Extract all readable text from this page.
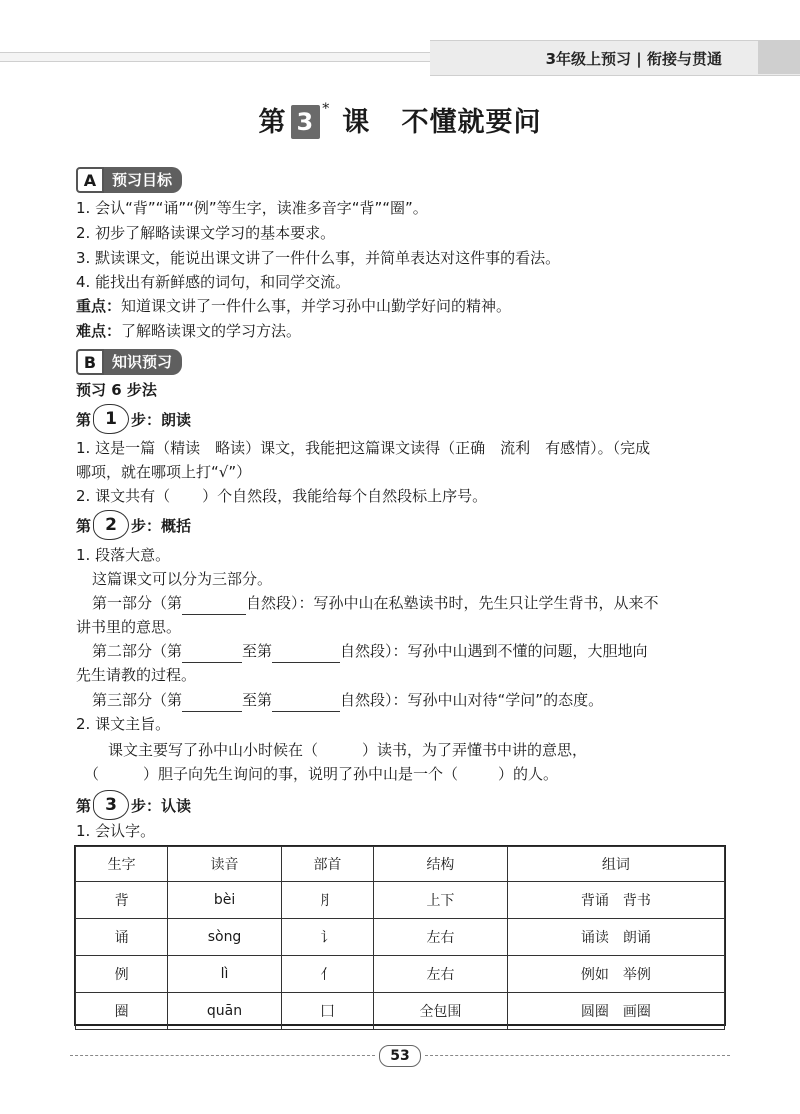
3年级上预习 | 衔接与贯通
第 3 * 课 不懂就要问
A	预习目标
1. 会认“背”“诵”“例”等生字，读准多音字“背”“圈”。
2. 初步了解略读课文学习的基本要求。
3. 默读课文，能说出课文讲了一件什么事，并简单表达对这件事的看法。
4. 能找出有新鲜感的词句，和同学交流。
重点：知道课文讲了一件什么事，并学习孙中山勤学好问的精神。
难点：了解略读课文的学习方法。
B	知识预习
预习 6 步法
第 1 步：朗读
1. 这是一篇（精读　略读）课文，我能把这篇课文读得（正确　流利　有感情）。（完成
哪项，就在哪项上打“√”）
2. 课文共有（ ）个自然段，我能给每个自然段标上序号。
第 2 步：概括
1. 段落大意。
这篇课文可以分为三部分。
第一部分（第	自然段）：写孙中山在私塾读书时，先生只让学生背书，从来不
讲书里的意思。
第二部分（第	至第	自然段）：写孙中山遇到不懂的问题，大胆地向
先生请教的过程。
第三部分（第	至第	自然段）：写孙中山对待“学问”的态度。
2. 课文主旨。
课文主要写了孙中山小时候在（	）读书，为了弄懂书中讲的意思，
（	）胆子向先生询问的事，说明了孙中山是一个（	）的人。
第 3 步：认读
1. 会认字。
生字	读音	部首	结构	组词
背	bèi	⺼	上下	背诵　背书
诵	sòng	讠	左右	诵读　朗诵
例	lì	亻	左右	例如　举例
圈	quān	囗	全包围	圆圈　画圈
53
